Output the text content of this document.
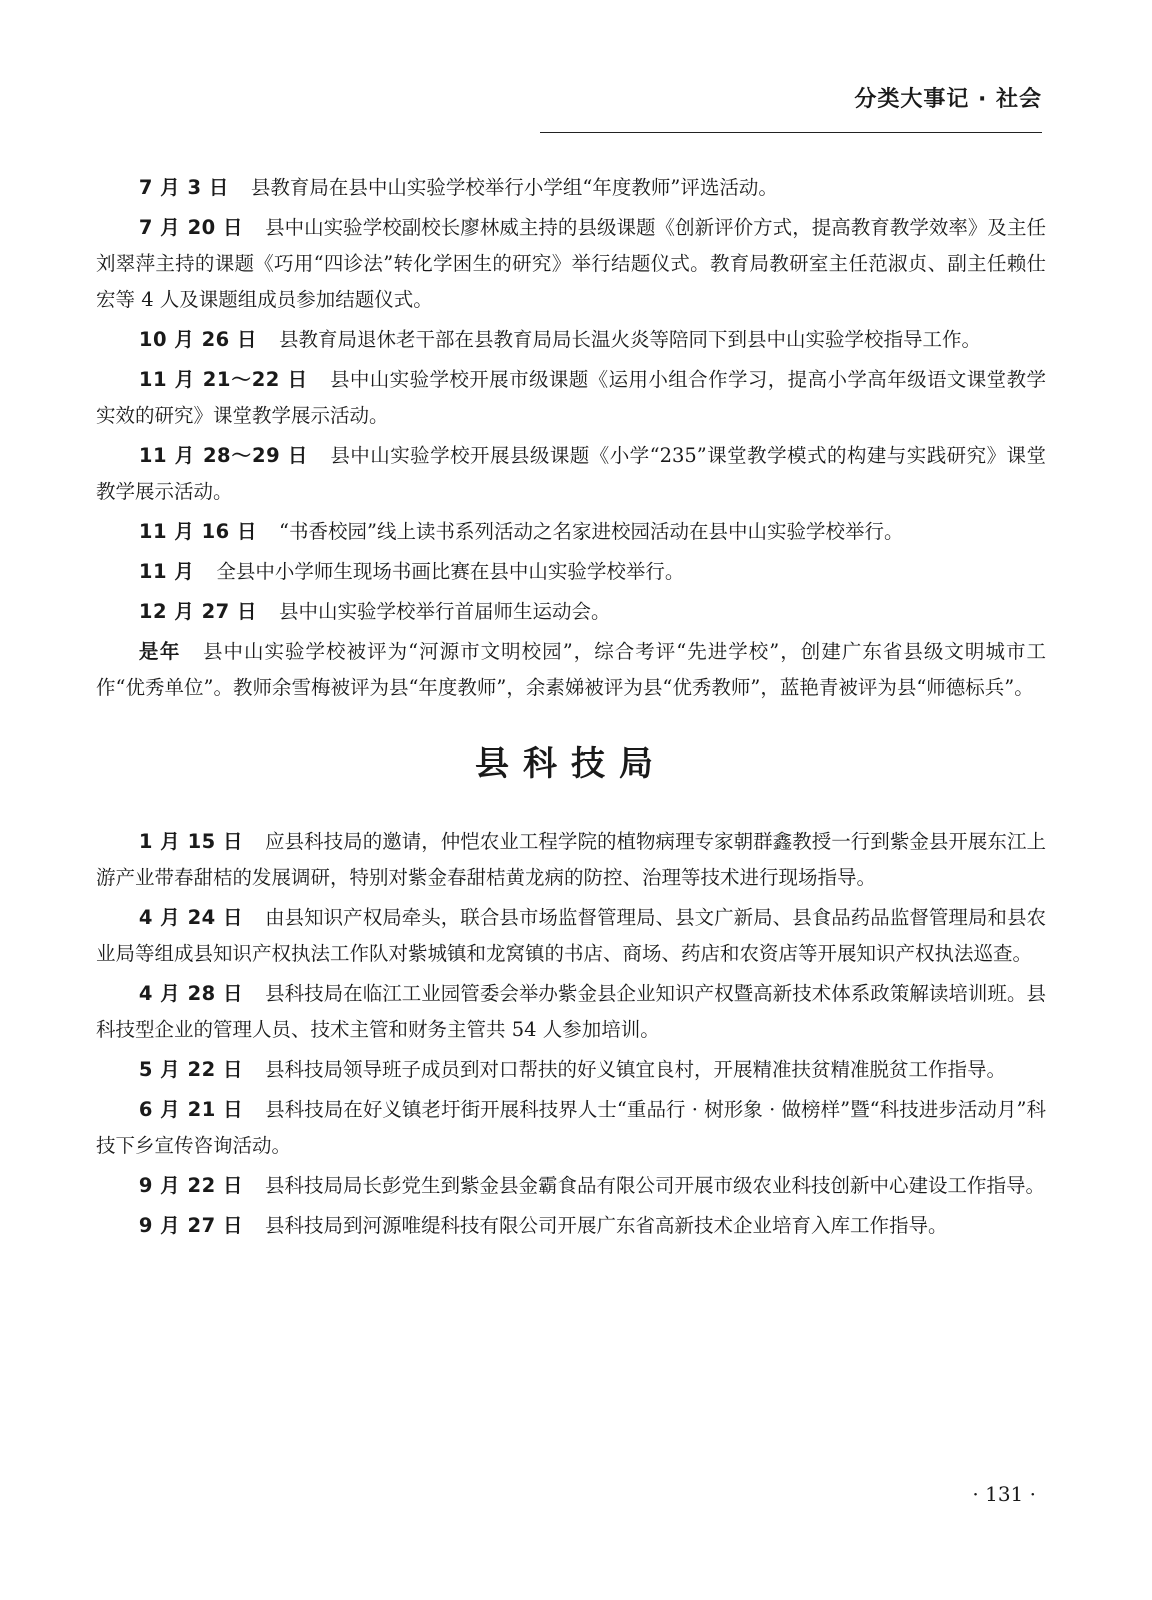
分类大事记 · 社会

7 月 3 日 县教育局在县中山实验学校举行小学组“年度教师”评选活动。

7 月 20 日 县中山实验学校副校长廖林威主持的县级课题《创新评价方式，提高教育教学效率》及主任刘翠萍主持的课题《巧用“四诊法”转化学困生的研究》举行结题仪式。教育局教研室主任范淑贞、副主任赖仕宏等 4 人及课题组成员参加结题仪式。

10 月 26 日 县教育局退休老干部在县教育局局长温火炎等陪同下到县中山实验学校指导工作。

11 月 21～22 日 县中山实验学校开展市级课题《运用小组合作学习，提高小学高年级语文课堂教学实效的研究》课堂教学展示活动。

11 月 28～29 日 县中山实验学校开展县级课题《小学“235”课堂教学模式的构建与实践研究》课堂教学展示活动。

11 月 16 日 “书香校园”线上读书系列活动之名家进校园活动在县中山实验学校举行。

11 月 全县中小学师生现场书画比赛在县中山实验学校举行。

12 月 27 日 县中山实验学校举行首届师生运动会。

是年 县中山实验学校被评为“河源市文明校园”，综合考评“先进学校”，创建广东省县级文明城市工作“优秀单位”。教师余雪梅被评为县“年度教师”，余素娣被评为县“优秀教师”，蓝艳青被评为县“师德标兵”。

县科技局

1 月 15 日 应县科技局的邀请，仲恺农业工程学院的植物病理专家朝群鑫教授一行到紫金县开展东江上游产业带春甜桔的发展调研，特别对紫金春甜桔黄龙病的防控、治理等技术进行现场指导。

4 月 24 日 由县知识产权局牵头，联合县市场监督管理局、县文广新局、县食品药品监督管理局和县农业局等组成县知识产权执法工作队对紫城镇和龙窝镇的书店、商场、药店和农资店等开展知识产权执法巡查。

4 月 28 日 县科技局在临江工业园管委会举办紫金县企业知识产权暨高新技术体系政策解读培训班。县科技型企业的管理人员、技术主管和财务主管共 54 人参加培训。

5 月 22 日 县科技局领导班子成员到对口帮扶的好义镇宜良村，开展精准扶贫精准脱贫工作指导。

6 月 21 日 县科技局在好义镇老圩街开展科技界人士“重品行 · 树形象 · 做榜样”暨“科技进步活动月”科技下乡宣传咨询活动。

9 月 22 日 县科技局局长彭党生到紫金县金霸食品有限公司开展市级农业科技创新中心建设工作指导。

9 月 27 日 县科技局到河源唯缇科技有限公司开展广东省高新技术企业培育入库工作指导。

· 131 ·
